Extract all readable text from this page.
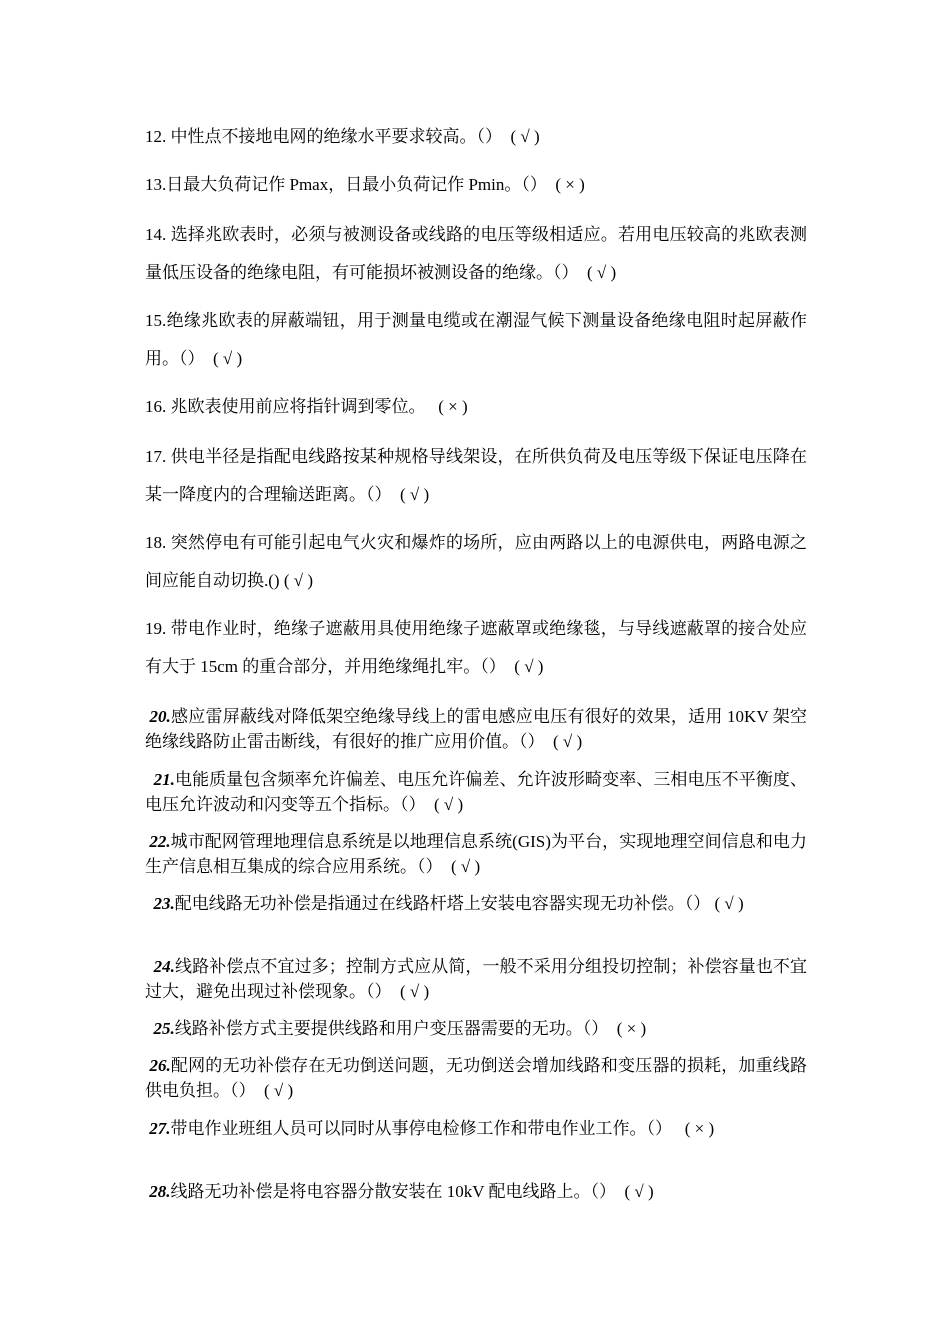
12. 中性点不接地电网的绝缘水平要求较高。（）  ( √ )

13.日最大负荷记作 Pmax，日最小负荷记作 Pmin。（）  ( × )

14. 选择兆欧表时，必须与被测设备或线路的电压等级相适应。若用电压较高的兆欧表测量低压设备的绝缘电阻，有可能损坏被测设备的绝缘。（）  ( √ )

15.绝缘兆欧表的屏蔽端钮，用于测量电缆或在潮湿气候下测量设备绝缘电阻时起屏蔽作用。（）  ( √ )

16. 兆欧表使用前应将指针调到零位。   ( × )

17. 供电半径是指配电线路按某种规格导线架设，在所供负荷及电压等级下保证电压降在某一降度内的合理输送距离。（）  ( √ )

18. 突然停电有可能引起电气火灾和爆炸的场所，应由两路以上的电源供电，两路电源之间应能自动切换.() ( √ )

19. 带电作业时，绝缘子遮蔽用具使用绝缘子遮蔽罩或绝缘毯，与导线遮蔽罩的接合处应有大于 15cm 的重合部分，并用绝缘绳扎牢。（）  ( √ )

20.感应雷屏蔽线对降低架空绝缘导线上的雷电感应电压有很好的效果，适用 10KV 架空绝缘线路防止雷击断线，有很好的推广应用价值。（）  ( √ )

21.电能质量包含频率允许偏差、电压允许偏差、允许波形畸变率、三相电压不平衡度、电压允许波动和闪变等五个指标。（）  ( √ )

22.城市配网管理地理信息系统是以地理信息系统(GIS)为平台，实现地理空间信息和电力生产信息相互集成的综合应用系统。（）  ( √ )

23.配电线路无功补偿是指通过在线路杆塔上安装电容器实现无功补偿。（） ( √ )

24.线路补偿点不宜过多；控制方式应从简，一般不采用分组投切控制；补偿容量也不宜过大，避免出现过补偿现象。（）  ( √ )

25.线路补偿方式主要提供线路和用户变压器需要的无功。（）  ( × )

26.配网的无功补偿存在无功倒送问题，无功倒送会增加线路和变压器的损耗，加重线路供电负担。（）  ( √ )

27.带电作业班组人员可以同时从事停电检修工作和带电作业工作。（）   ( × )

28.线路无功补偿是将电容器分散安装在 10kV 配电线路上。（）  ( √ )
